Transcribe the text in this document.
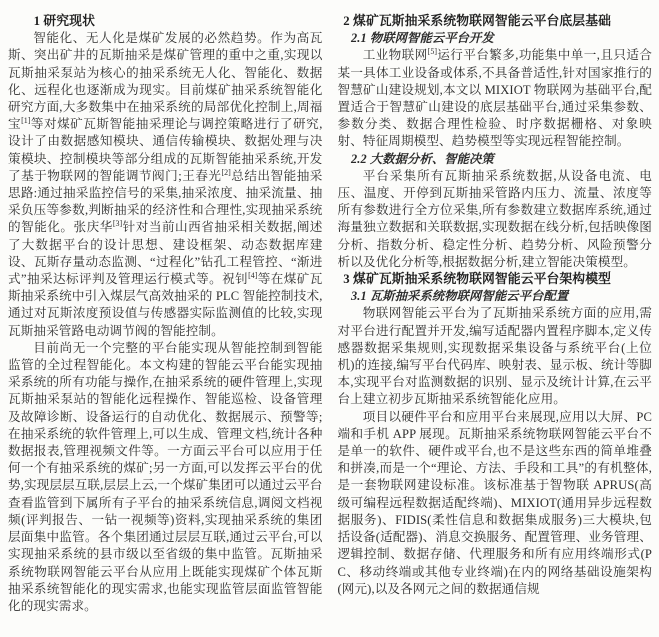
1 研究现状

智能化、无人化是煤矿发展的必然趋势。作为高瓦斯、突出矿井的瓦斯抽采是煤矿管理的重中之重,实现以瓦斯抽采泵站为核心的抽采系统无人化、智能化、数据化、远程化也逐渐成为现实。目前煤矿抽采系统智能化研究方面,大多数集中在抽采系统的局部优化控制上,周福宝[1]等对煤矿瓦斯智能抽采理论与调控策略进行了研究,设计了由数据感知模块、通信传输模块、数据处理与决策模块、控制模块等部分组成的瓦斯智能抽采系统,开发了基于物联网的智能调节阀门;王春光[2]总结出智能抽采思路:通过抽采监控信号的采集,抽采浓度、抽采流量、抽采负压等参数,判断抽采的经济性和合理性,实现抽采系统的智能化。张庆华[3]针对当前山西省抽采相关数据,阐述了大数据平台的设计思想、建设框架、动态数据库建设、瓦斯存量动态监测、“过程化”钻孔工程管控、“渐进式”抽采达标评判及管理运行模式等。祝钊[4]等在煤矿瓦斯抽采系统中引入煤层气高效抽采的 PLC 智能控制技术,通过对瓦斯浓度预设值与传感器实际监测值的比较,实现瓦斯抽采管路电动调节阀的智能控制。

目前尚无一个完整的平台能实现从智能控制到智能监管的全过程智能化。本文构建的智能云平台能实现抽采系统的所有功能与操作,在抽采系统的硬件管理上,实现瓦斯抽采泵站的智能化远程操作、智能巡检、设备管理及故障诊断、设备运行的自动优化、数据展示、预警等;在抽采系统的软件管理上,可以生成、管理文档,统计各种数据报表,管理视频文件等。一方面云平台可以应用于任何一个有抽采系统的煤矿;另一方面,可以发挥云平台的优势,实现层层互联,层层上云,一个煤矿集团可以通过云平台查看监管到下属所有子平台的抽采系统信息,调阅文档视频(评判报告、一钻一视频等)资料,实现抽采系统的集团层面集中监管。各个集团通过层层互联,通过云平台,可以实现抽采系统的县市级以至省级的集中监管。瓦斯抽采系统物联网智能云平台从应用上既能实现煤矿个体瓦斯抽采系统智能化的现实需求,也能实现监管层面监管智能化的现实需求。

2 煤矿瓦斯抽采系统物联网智能云平台底层基础
2.1 物联网智能云平台开发

工业物联网[5]运行平台繁多,功能集中单一,且只适合某一具体工业设备或体系,不具备普适性,针对国家推行的智慧矿山建设规划,本文以 MIXIOT 物联网为基础平台,配置适合于智慧矿山建设的底层基础平台,通过采集参数、参数分类、数据合理性检验、时序数据栅格、对象映射、特征周期模型、趋势模型等实现远程智能控制。

2.2 大数据分析、智能决策

平台采集所有瓦斯抽采系统数据,从设备电流、电压、温度、开停到瓦斯抽采管路内压力、流量、浓度等所有参数进行全方位采集,所有参数建立数据库系统,通过海量独立数据和关联数据,实现数据在线分析,包括映像图分析、指数分析、稳定性分析、趋势分析、风险预警分析以及优化分析等,根据数据分析,建立智能决策模型。

3 煤矿瓦斯抽采系统物联网智能云平台架构模型
3.1 瓦斯抽采系统物联网智能云平台配置

物联网智能云平台为了瓦斯抽采系统方面的应用,需对平台进行配置并开发,编写适配器内置程序脚本,定义传感器数据采集规则,实现数据采集设备与系统平台(上位机)的连接,编写平台代码库、映射表、显示板、统计等脚本,实现平台对监测数据的识别、显示及统计计算,在云平台上建立初步瓦斯抽采系统智能化应用。

项目以硬件平台和应用平台来展现,应用以大屏、PC 端和手机 APP 展现。瓦斯抽采系统物联网智能云平台不是单一的软件、硬件或平台,也不是这些东西的简单堆叠和拼凑,而是一个“理论、方法、手段和工具”的有机整体,是一套物联网建设标准。该标准基于智物联 APRUS(高级可编程远程数据适配终端)、MIXIOT(通用异步远程数据服务)、FIDIS(柔性信息和数据集成服务)三大模块,包括设备(适配器)、消息交换服务、配置管理、业务管理、逻辑控制、数据存储、代理服务和所有应用终端形式(PC、移动终端或其他专业终端)在内的网络基础设施架构(网元),以及各网元之间的数据通信规
